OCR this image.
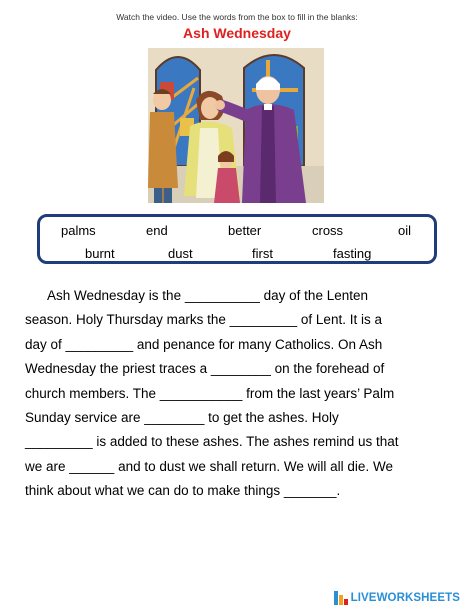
Watch the video. Use the words from the box to fill in the blanks:

Ash Wednesday
palms	end	better	cross	oil
burnt	dust	first	fasting
Ash Wednesday is the __________ day of the Lenten
season. Holy Thursday marks the _________ of Lent. It is a
day of _________ and penance for many Catholics. On Ash
Wednesday the priest traces a ________ on the forehead of
church members. The ___________ from the last years’ Palm
Sunday service are ________ to get the ashes. Holy
_________ is added to these ashes. The ashes remind us that
we are ______ and to dust we shall return. We will all die. We
think about what we can do to make things _______.
LIVEWORKSHEETS
